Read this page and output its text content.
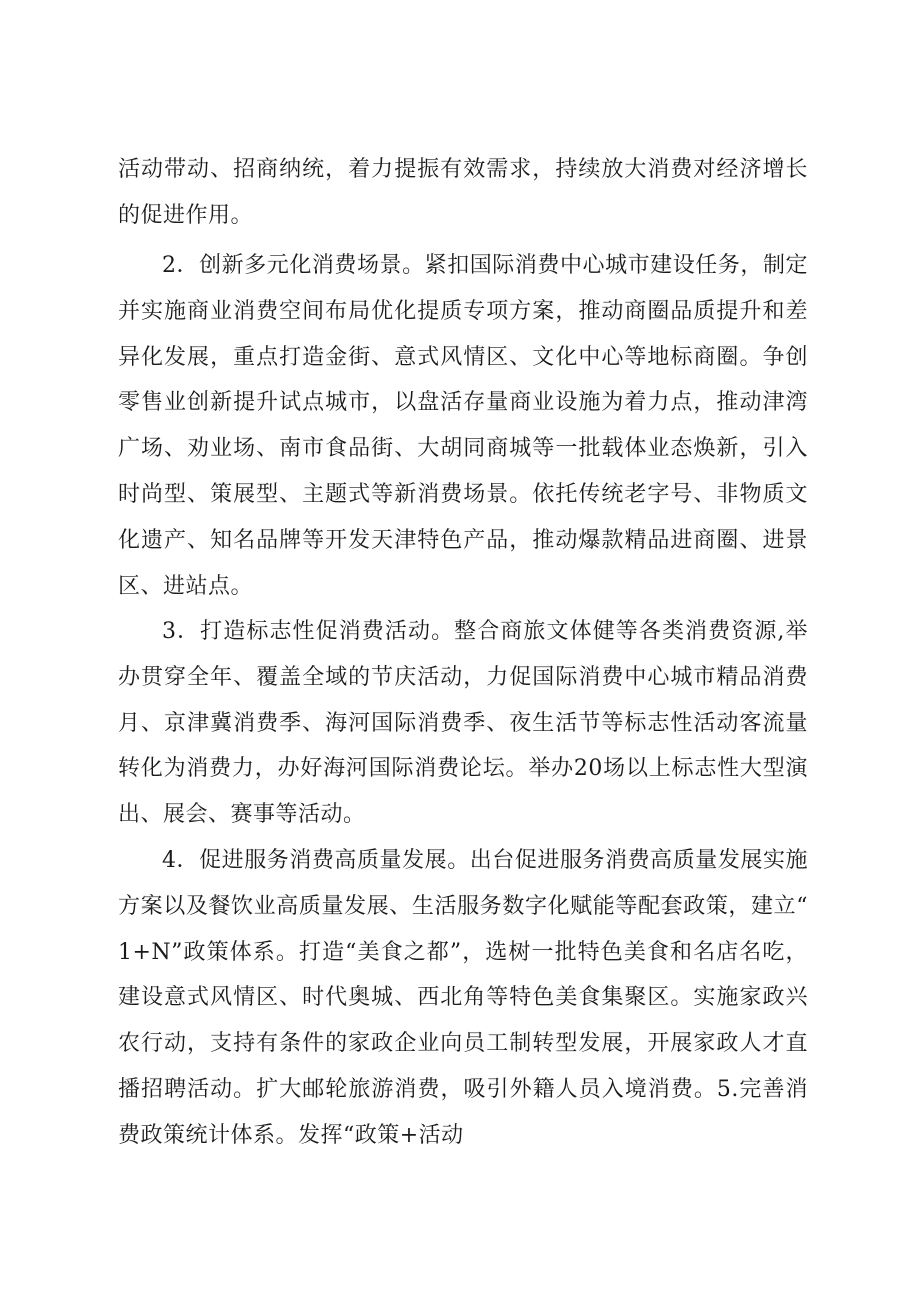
活动带动、招商纳统，着力提振有效需求，持续放大消费对经济增长的促进作用。

2．创新多元化消费场景。紧扣国际消费中心城市建设任务，制定并实施商业消费空间布局优化提质专项方案，推动商圈品质提升和差异化发展，重点打造金街、意式风情区、文化中心等地标商圈。争创零售业创新提升试点城市，以盘活存量商业设施为着力点，推动津湾广场、劝业场、南市食品街、大胡同商城等一批载体业态焕新，引入时尚型、策展型、主题式等新消费场景。依托传统老字号、非物质文化遗产、知名品牌等开发天津特色产品，推动爆款精品进商圈、进景区、进站点。

3．打造标志性促消费活动。整合商旅文体健等各类消费资源,举办贯穿全年、覆盖全域的节庆活动，力促国际消费中心城市精品消费月、京津冀消费季、海河国际消费季、夜生活节等标志性活动客流量转化为消费力，办好海河国际消费论坛。举办20场以上标志性大型演出、展会、赛事等活动。

4．促进服务消费高质量发展。出台促进服务消费高质量发展实施方案以及餐饮业高质量发展、生活服务数字化赋能等配套政策，建立“1+N”政策体系。打造“美食之都”，选树一批特色美食和名店名吃，建设意式风情区、时代奥城、西北角等特色美食集聚区。实施家政兴农行动，支持有条件的家政企业向员工制转型发展，开展家政人才直播招聘活动。扩大邮轮旅游消费，吸引外籍人员入境消费。5.完善消费政策统计体系。发挥“政策+活动
